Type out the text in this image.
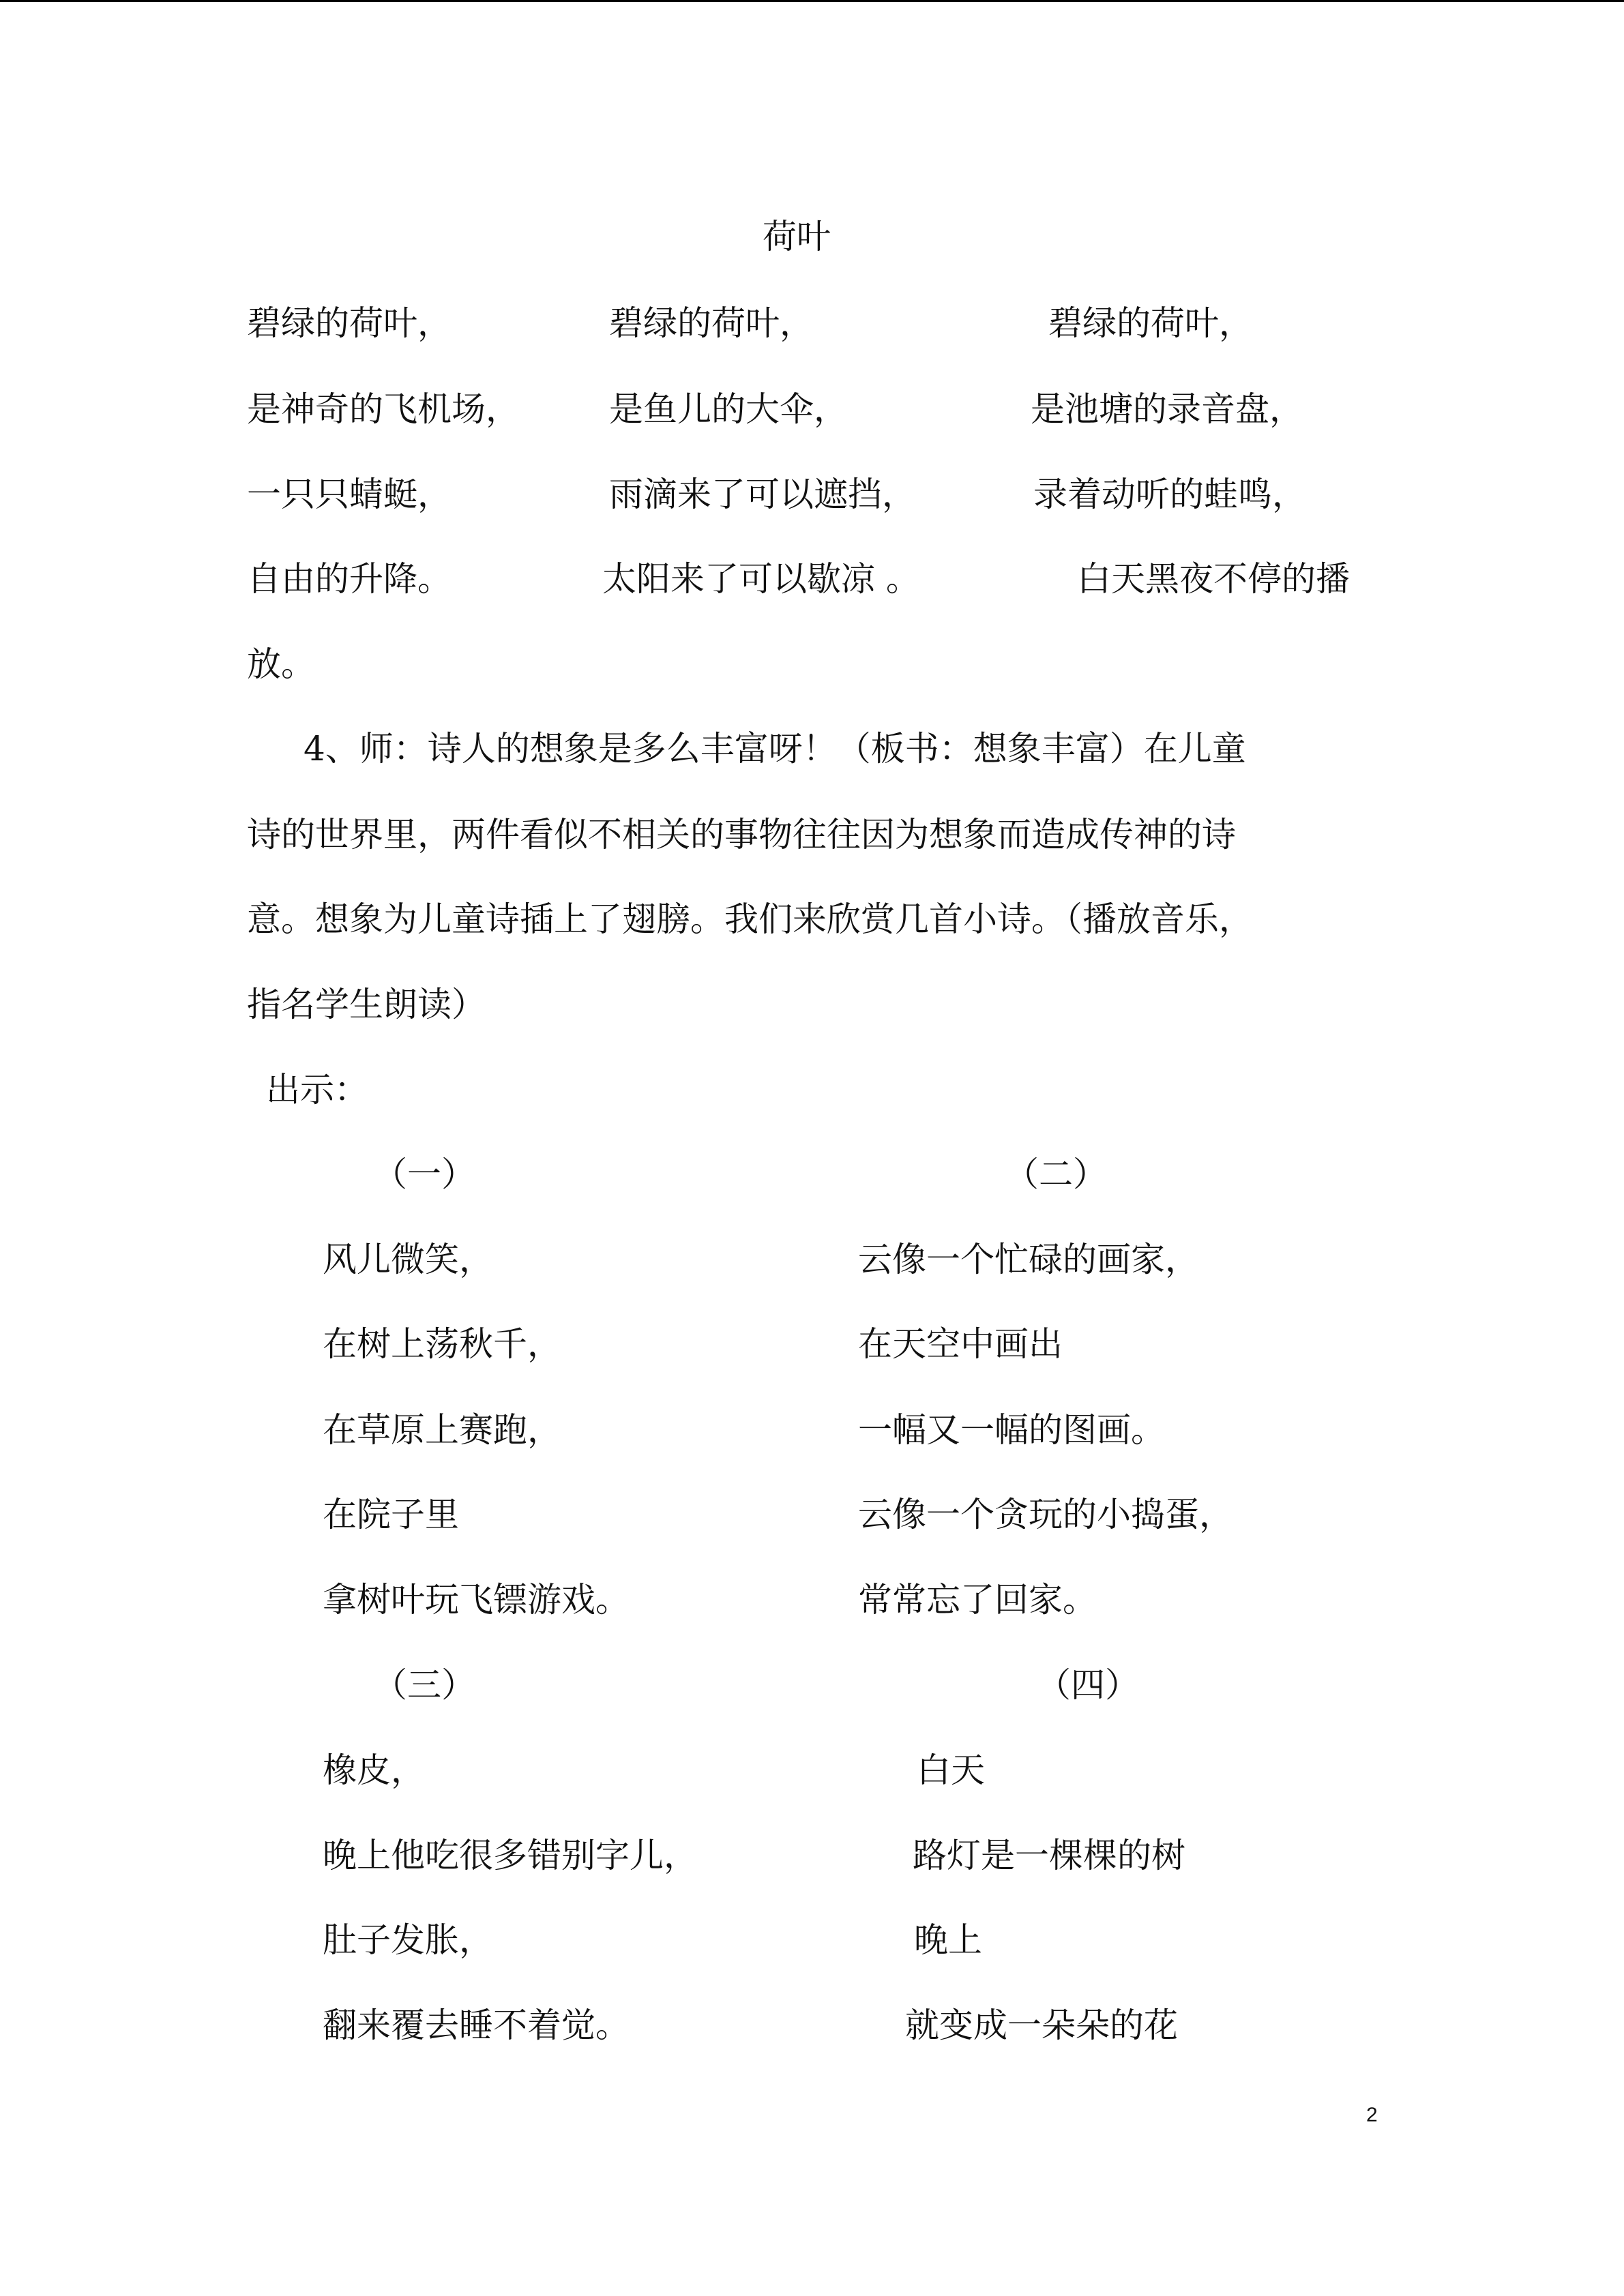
荷叶
碧绿的荷叶，
是神奇的飞机场，
一只只蜻蜓，
自由的升降。
碧绿的荷叶，
是鱼儿的大伞，
雨滴来了可以遮挡，
太阳来了可以歇凉 。
碧绿的荷叶，
是池塘的录音盘，
录着动听的蛙鸣，
白天黑夜不停的播
放。
4、师：诗人的想象是多么丰富呀！（板书：想象丰富）在儿童
诗的世界里，两件看似不相关的事物往往因为想象而造成传神的诗
意。想象为儿童诗插上了翅膀。我们来欣赏几首小诗。（播放音乐，
指名学生朗读）
出示：
（一）
风儿微笑，
在树上荡秋千，
在草原上赛跑，
在院子里
拿树叶玩飞镖游戏。
（二）
云像一个忙碌的画家，
在天空中画出
一幅又一幅的图画。
云像一个贪玩的小捣蛋，
常常忘了回家。
（三）
橡皮，
晚上他吃很多错别字儿，
肚子发胀，
翻来覆去睡不着觉。
（四）
白天
路灯是一棵棵的树
晚上
就变成一朵朵的花
2
